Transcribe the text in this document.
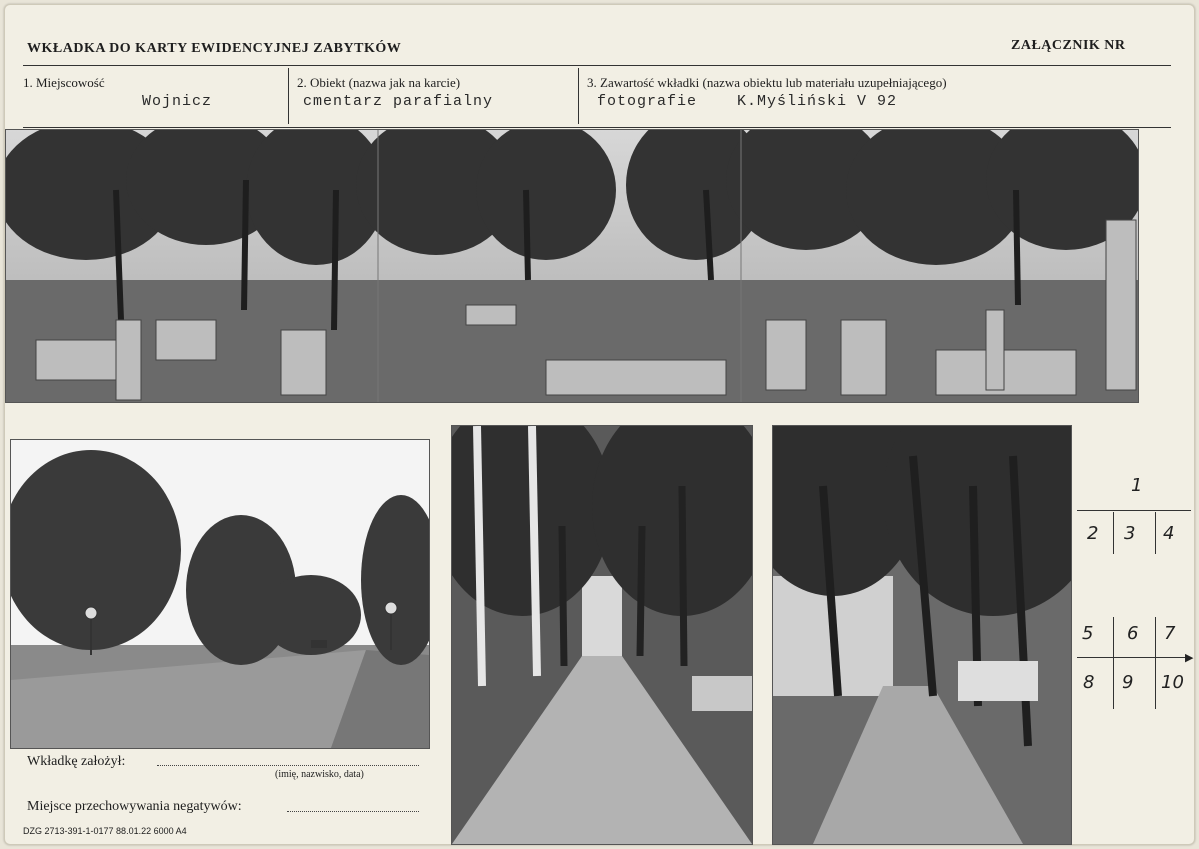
WKŁADKA DO KARTY EWIDENCYJNEJ ZABYTKÓW	ZAŁĄCZNIK NR
1. Miejscowość
Wojnicz
2. Obiekt (nazwa jak na karcie)
cmentarz parafialny
3. Zawartość wkładki (nazwa obiektu lub materiału uzupełniającego)
fotografie    K.Myśliński V 92
1
2 3 4
▶
5 6 7
8 9 10
Wkładkę założył:
(imię, nazwisko, data)
Miejsce przechowywania negatywów:
DZG 2713-391-1-0177 88.01.22 6000 A4
